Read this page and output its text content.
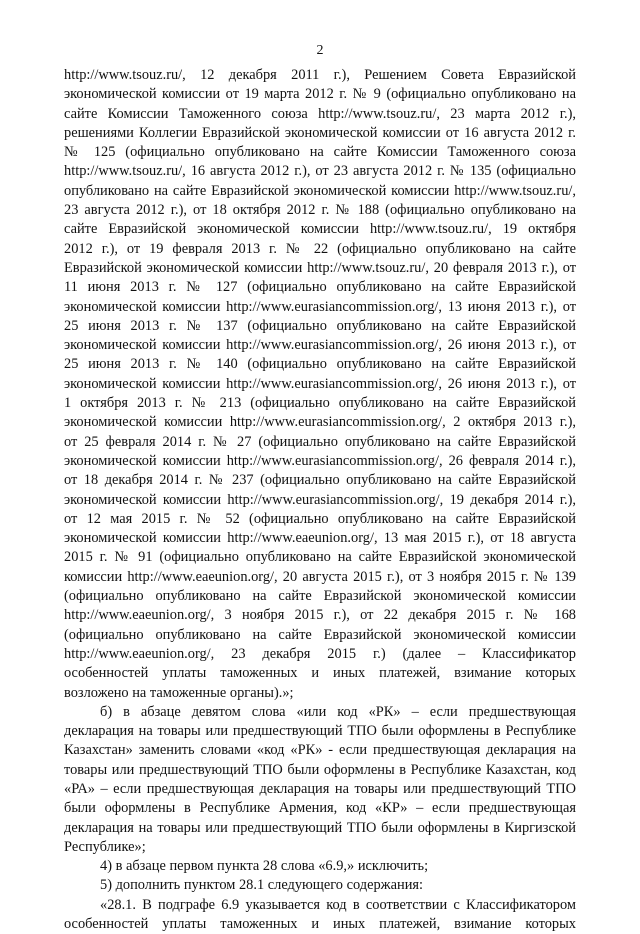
2
http://www.tsouz.ru/, 12 декабря 2011 г.), Решением Совета Евразийской
экономической комиссии от 19 марта 2012 г. № 9 (официально опубликовано на
сайте Комиссии Таможенного союза http://www.tsouz.ru/, 23 марта 2012 г.),
решениями Коллегии Евразийской экономической комиссии от 16 августа 2012 г.
№ 125 (официально опубликовано на сайте Комиссии Таможенного союза
http://www.tsouz.ru/, 16 августа 2012 г.), от 23 августа 2012 г. № 135 (официально
опубликовано на сайте Евразийской экономической комиссии http://www.tsouz.ru/,
23 августа 2012 г.), от 18 октября 2012 г. № 188 (официально опубликовано на
сайте Евразийской экономической комиссии http://www.tsouz.ru/, 19 октября
2012 г.), от 19 февраля 2013 г. № 22 (официально опубликовано на сайте
Евразийской экономической комиссии http://www.tsouz.ru/, 20 февраля 2013 г.), от
11 июня 2013 г. № 127 (официально опубликовано на сайте Евразийской
экономической комиссии http://www.eurasiancommission.org/, 13 июня 2013 г.), от
25 июня 2013 г. № 137 (официально опубликовано на сайте Евразийской
экономической комиссии http://www.eurasiancommission.org/, 26 июня 2013 г.), от
25 июня 2013 г. № 140 (официально опубликовано на сайте Евразийской
экономической комиссии http://www.eurasiancommission.org/, 26 июня 2013 г.), от
1 октября 2013 г. № 213 (официально опубликовано на сайте Евразийской
экономической комиссии http://www.eurasiancommission.org/, 2 октября 2013 г.),
от 25 февраля 2014 г. № 27 (официально опубликовано на сайте Евразийской
экономической комиссии http://www.eurasiancommission.org/, 26 февраля 2014 г.),
от 18 декабря 2014 г. № 237 (официально опубликовано на сайте Евразийской
экономической комиссии http://www.eurasiancommission.org/, 19 декабря 2014 г.),
от 12 мая 2015 г. № 52 (официально опубликовано на сайте Евразийской
экономической комиссии http://www.eaeunion.org/, 13 мая 2015 г.), от 18 августа
2015 г. № 91 (официально опубликовано на сайте Евразийской экономической
комиссии http://www.eaeunion.org/, 20 августа 2015 г.), от 3 ноября 2015 г. № 139
(официально опубликовано на сайте Евразийской экономической комиссии
http://www.eaeunion.org/, 3 ноября 2015 г.), от 22 декабря 2015 г. № 168
(официально опубликовано на сайте Евразийской экономической комиссии
http://www.eaeunion.org/, 23 декабря 2015 г.) (далее – Классификатор
особенностей уплаты таможенных и иных платежей, взимание которых
возложено на таможенные органы).»;
б) в абзаце девятом слова «или код «РК» – если предшествующая
декларация на товары или предшествующий ТПО были оформлены в Республике
Казахстан» заменить словами «код «РК» - если предшествующая декларация на
товары или предшествующий ТПО были оформлены в Республике Казахстан, код
«РА» – если предшествующая декларация на товары или предшествующий ТПО
были оформлены в Республике Армения, код «КР» – если предшествующая
декларация на товары или предшествующий ТПО были оформлены в Киргизской
Республике»;
4) в абзаце первом пункта 28 слова «6.9,» исключить;
5) дополнить пунктом 28.1 следующего содержания:
«28.1. В подграфе 6.9 указывается код в соответствии с Классификатором
особенностей уплаты таможенных и иных платежей, взимание которых
